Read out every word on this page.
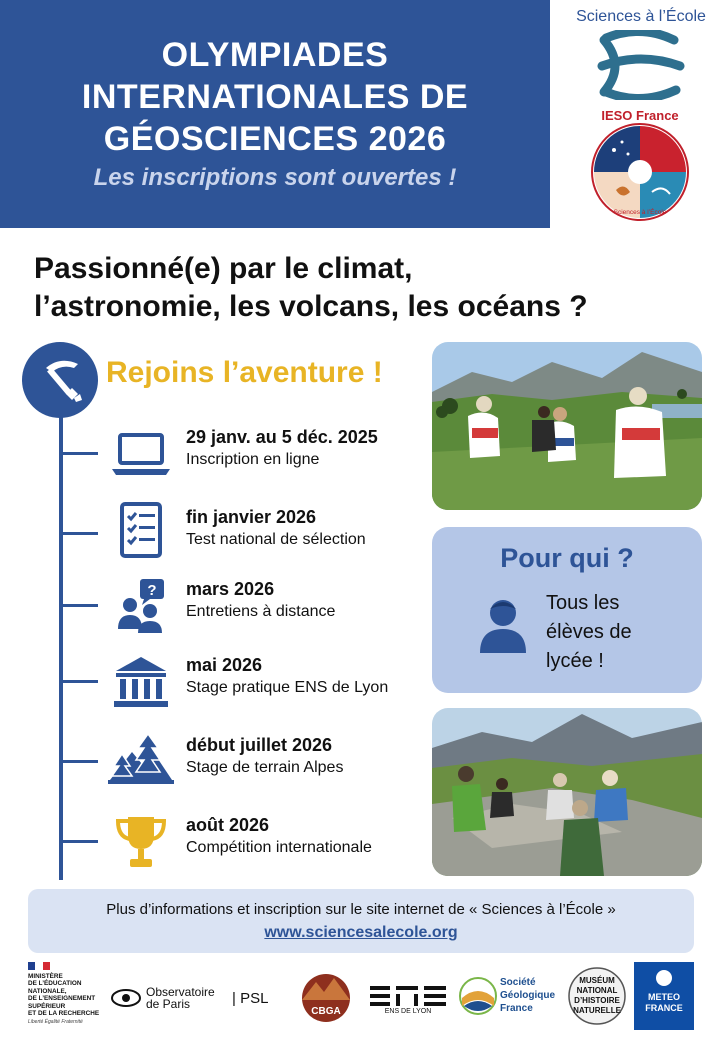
OLYMPIADES
INTERNATIONALES DE
GÉOSCIENCES 2026
Les inscriptions sont ouvertes !
Sciences à l’École
IESO France
Sciences à l’École
Passionné(e) par le climat,
l’astronomie, les volcans, les océans ?
Rejoins l’aventure !
29 janv. au 5 déc. 2025
Inscription en ligne
fin janvier 2026
Test national de sélection
? mars 2026
Entretiens à distance
mai 2026
Stage pratique ENS de Lyon
début juillet 2026
Stage de terrain Alpes
août 2026
Compétition internationale
Pour qui ?
Tous les
élèves de
lycée !
Plus d’informations et inscription sur le site internet de « Sciences à l’École »
www.sciencesalecole.org
MINISTÈRE
DE L’ÉDUCATION
NATIONALE,
DE L’ENSEIGNEMENT
SUPÉRIEUR
ET DE LA RECHERCHE
Liberté Égalité Fraternité
Observatoire
de Paris	| PSL
CBGA	ENS DE LYON
Société
Géologique
France
MUSÉUM
NATIONAL D’HISTOIRE
NATURELLE
METEO
FRANCE
